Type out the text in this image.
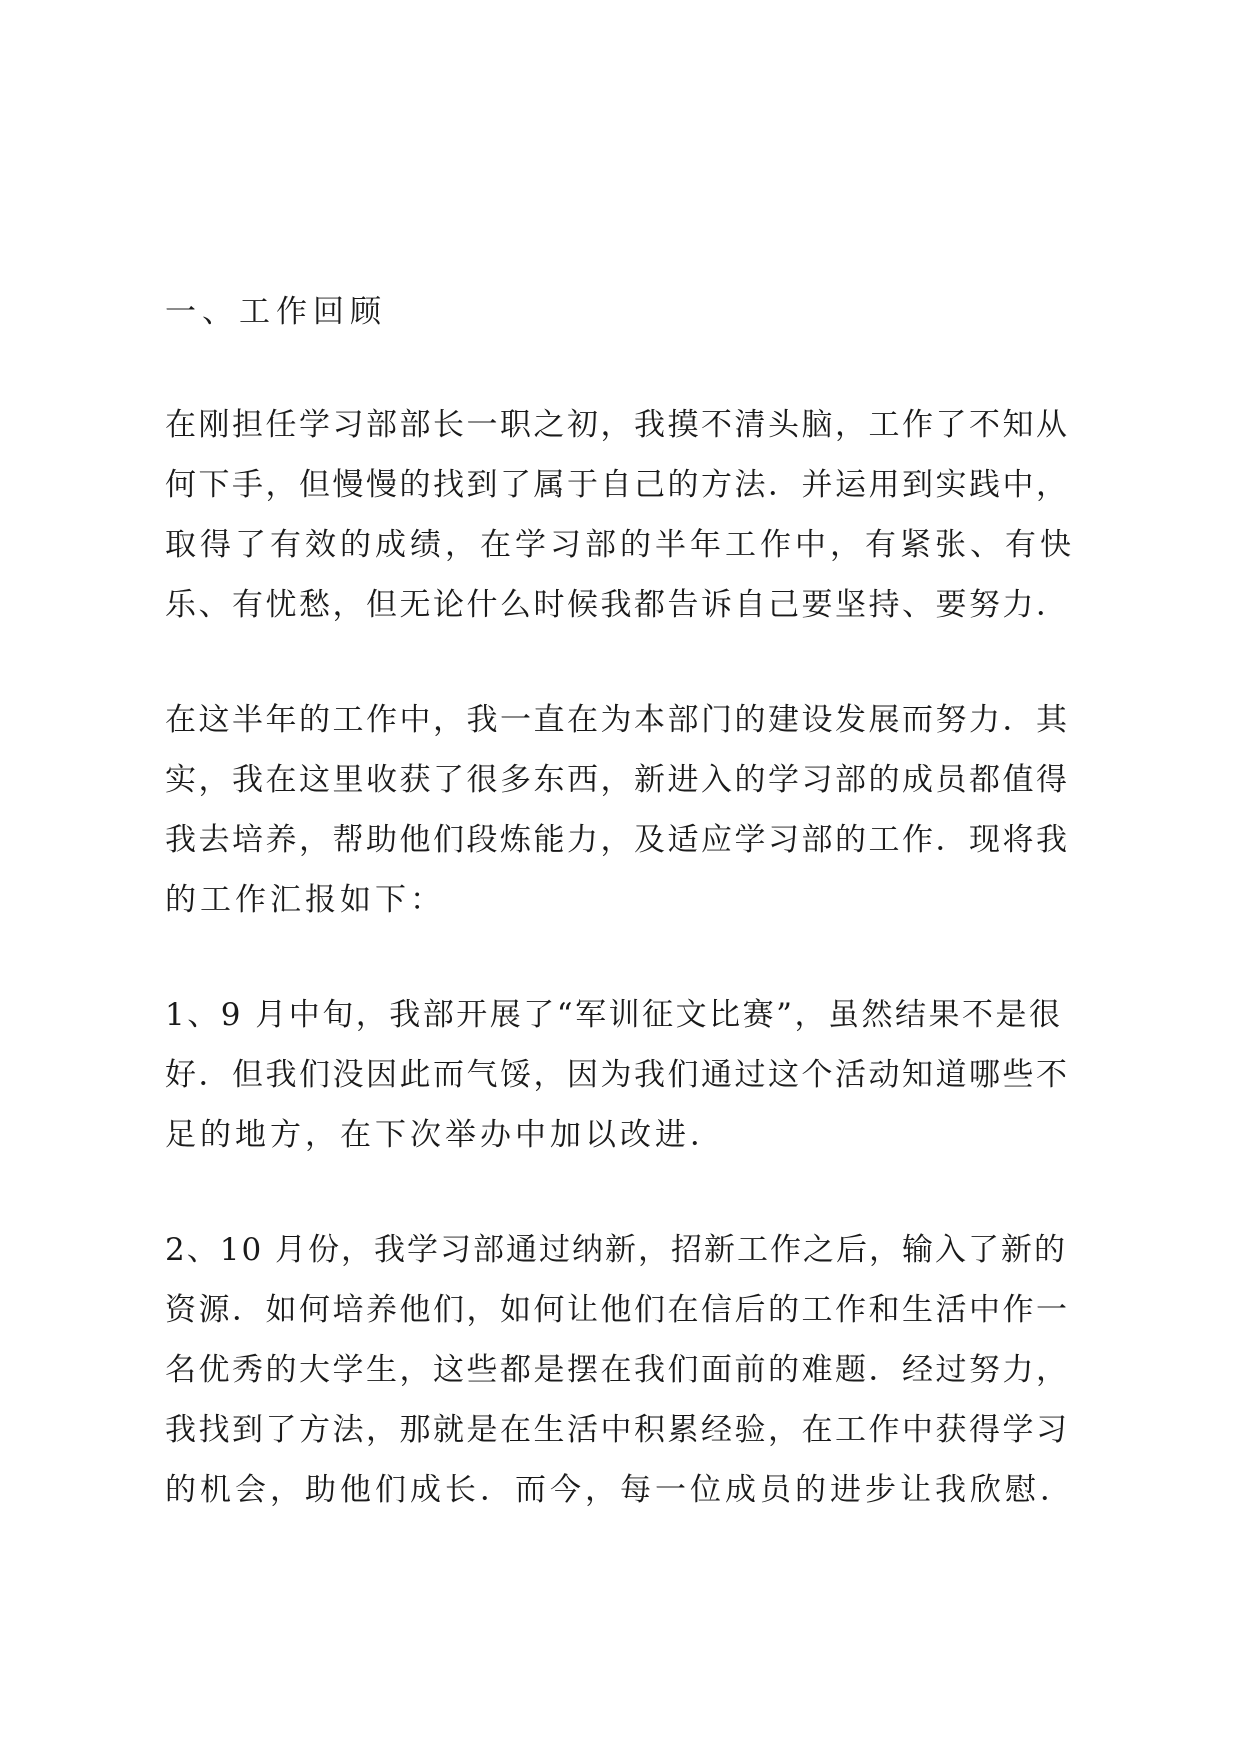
一、工作回顾
在刚担任学习部部长一职之初，我摸不清头脑，工作了不知从
何下手，但慢慢的找到了属于自己的方法．并运用到实践中，
取得了有效的成绩，在学习部的半年工作中，有紧张、有快
乐、有忧愁，但无论什么时候我都告诉自己要坚持、要努力．
在这半年的工作中，我一直在为本部门的建设发展而努力．其
实，我在这里收获了很多东西，新进入的学习部的成员都值得
我去培养，帮助他们段炼能力，及适应学习部的工作．现将我
的工作汇报如下：
1、9 月中旬，我部开展了“军训征文比赛”，虽然结果不是很
好．但我们没因此而气馁，因为我们通过这个活动知道哪些不
足的地方，在下次举办中加以改进．
2、10 月份，我学习部通过纳新，招新工作之后，输入了新的
资源．如何培养他们，如何让他们在信后的工作和生活中作一
名优秀的大学生，这些都是摆在我们面前的难题．经过努力，
我找到了方法，那就是在生活中积累经验，在工作中获得学习
的机会，助他们成长．而今，每一位成员的进步让我欣慰．
